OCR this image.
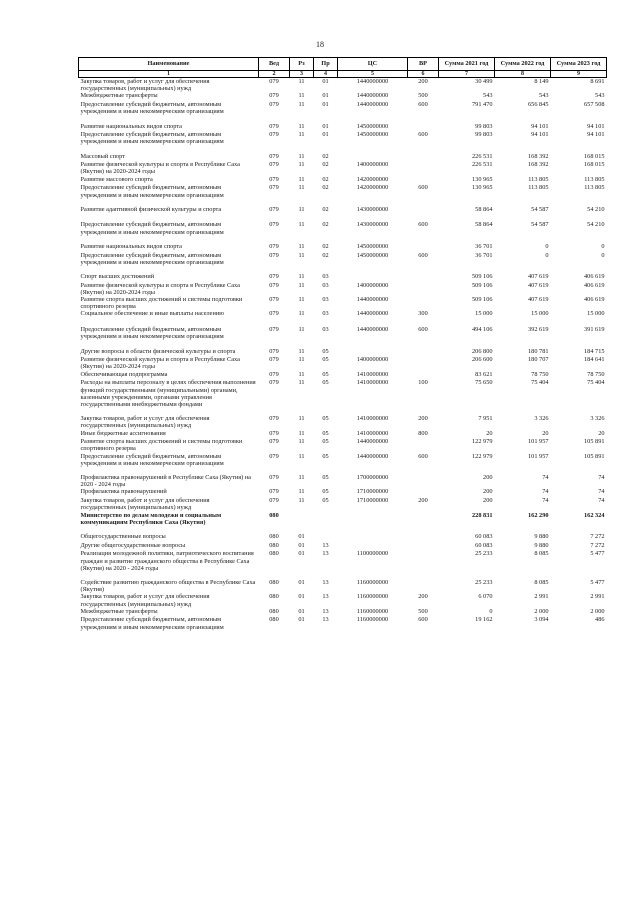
18
Наименование	Вед	Рз	Пр	ЦС	ВР	Сумма 2021 год	Сумма 2022 год	Сумма 2023 год
1	2	3	4	5	6	7	8	9
Закупка товаров, работ и услуг для обеспечения государственных (муниципальных) нужд	079	11	01	1440000000	200	30 499	8 149	8 691
Межбюджетные трансферты	079	11	01	1440000000	500	543	543	543
Предоставление субсидий бюджетным, автономным учреждениям и иным некоммерческим организациям	079	11	01	1440000000	600	791 470	656 845	657 508

Развитие национальных видов спорта	079	11	01	1450000000		99 803	94 101	94 101
Предоставление субсидий бюджетным, автономным учреждениям и иным некоммерческим организациям	079	11	01	1450000000	600	99 803	94 101	94 101

Массовый спорт	079	11	02			226 531	168 392	168 015
Развитие физической культуры и спорта в Республике Саха (Якутия) на 2020-2024 годы	079	11	02	1400000000		226 531	168 392	168 015
Развитие массового спорта	079	11	02	1420000000		130 965	113 805	113 805
Предоставление субсидий бюджетным, автономным учреждениям и иным некоммерческим организациям	079	11	02	1420000000	600	130 965	113 805	113 805

Развитие адаптивной физической культуры и спорта	079	11	02	1430000000		58 864	54 587	54 210

Предоставление субсидий бюджетным, автономным учреждениям и иным некоммерческим организациям	079	11	02	1430000000	600	58 864	54 587	54 210

Развитие национальных видов спорта	079	11	02	1450000000		36 701	0	0
Предоставление субсидий бюджетным, автономным учреждениям и иным некоммерческим организациям	079	11	02	1450000000	600	36 701	0	0

Спорт высших достижений	079	11	03			509 106	407 619	406 619
Развитие физической культуры и спорта в Республике Саха (Якутия) на 2020-2024 годы	079	11	03	1400000000		509 106	407 619	406 619
Развитие спорта высших достижений и системы подготовки спортивного резерва	079	11	03	1440000000		509 106	407 619	406 619
Социальное обеспечение и иные выплаты населению	079	11	03	1440000000	300	15 000	15 000	15 000

Предоставление субсидий бюджетным, автономным учреждениям и иным некоммерческим организациям	079	11	03	1440000000	600	494 106	392 619	391 619

Другие вопросы в области физической культуры и спорта	079	11	05			206 800	180 781	184 715
Развитие физической культуры и спорта в Республике Саха (Якутия) на 2020-2024 годы	079	11	05	1400000000		206 600	180 707	184 641
Обеспечивающая подпрограмма	079	11	05	1410000000		83 621	78 750	78 750
Расходы на выплаты персоналу в целях обеспечения выполнения функций государственными (муниципальными) органами, казенными учреждениями, органами управления государственными внебюджетными фондами	079	11	05	1410000000	100	75 650	75 404	75 404

Закупка товаров, работ и услуг для обеспечения государственных (муниципальных) нужд	079	11	05	1410000000	200	7 951	3 326	3 326
Иные бюджетные ассигнования	079	11	05	1410000000	800	20	20	20
Развитие спорта высших достижений и системы подготовки спортивного резерва	079	11	05	1440000000		122 979	101 957	105 891
Предоставление субсидий бюджетным, автономным учреждениям и иным некоммерческим организациям	079	11	05	1440000000	600	122 979	101 957	105 891

Профилактика правонарушений в Республике Саха (Якутия) на 2020 - 2024 годы	079	11	05	1700000000		200	74	74
Профилактика правонарушений	079	11	05	1710000000		200	74	74
Закупка товаров, работ и услуг для обеспечения государственных (муниципальных) нужд	079	11	05	1710000000	200	200	74	74
Министерство по делам молодежи и социальным коммуникациям Республики Саха (Якутия)	080					228 831	162 290	162 324

Общегосударственные вопросы	080	01				60 083	9 880	7 272
Другие общегосударственные вопросы	080	01	13			60 083	9 880	7 272
Реализация молодежной политики, патриотического воспитания граждан и развитие гражданского общества в Республике Саха (Якутия) на 2020 - 2024 годы	080	01	13	1100000000		25 233	8 085	5 477

Содействие развитию гражданского общества в Республике Саха (Якутия)	080	01	13	1160000000		25 233	8 085	5 477
Закупка товаров, работ и услуг для обеспечения государственных (муниципальных) нужд	080	01	13	1160000000	200	6 070	2 991	2 991
Межбюджетные трансферты	080	01	13	1160000000	500	0	2 000	2 000
Предоставление субсидий бюджетным, автономным учреждениям и иным некоммерческим организациям	080	01	13	1160000000	600	19 162	3 094	486
